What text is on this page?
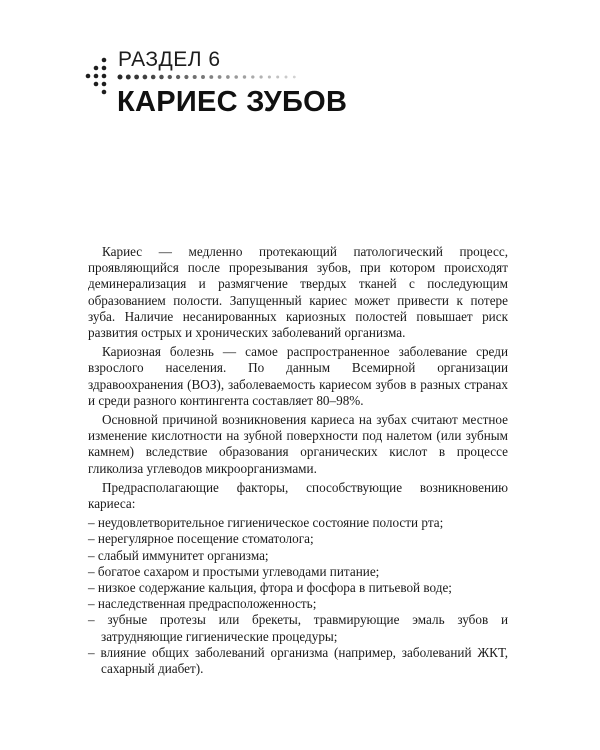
РАЗДЕЛ 6
КАРИЕС ЗУБОВ

Кариес — медленно протекающий патологический процесс, проявляющийся после прорезывания зубов, при котором происходят деминерализация и размягчение твердых тканей с последующим образованием полости. Запущенный кариес может привести к потере зуба. Наличие несанированных кариозных полостей повышает риск развития острых и хронических заболеваний организма.

Кариозная болезнь — самое распространенное заболевание среди взрослого населения. По данным Всемирной организации здравоохранения (ВОЗ), заболеваемость кариесом зубов в разных странах и среди разного контингента составляет 80–98%.

Основной причиной возникновения кариеса на зубах считают местное изменение кислотности на зубной поверхности под налетом (или зубным камнем) вследствие образования органических кислот в процессе гликолиза углеводов микроорганизмами.

Предрасполагающие факторы, способствующие возникновению кариеса:

– неудовлетворительное гигиеническое состояние полости рта;
– нерегулярное посещение стоматолога;
– слабый иммунитет организма;
– богатое сахаром и простыми углеводами питание;
– низкое содержание кальция, фтора и фосфора в питьевой воде;
– наследственная предрасположенность;
– зубные протезы или брекеты, травмирующие эмаль зубов и затрудняющие гигиенические процедуры;
– влияние общих заболеваний организма (например, заболеваний ЖКТ, сахарный диабет).
